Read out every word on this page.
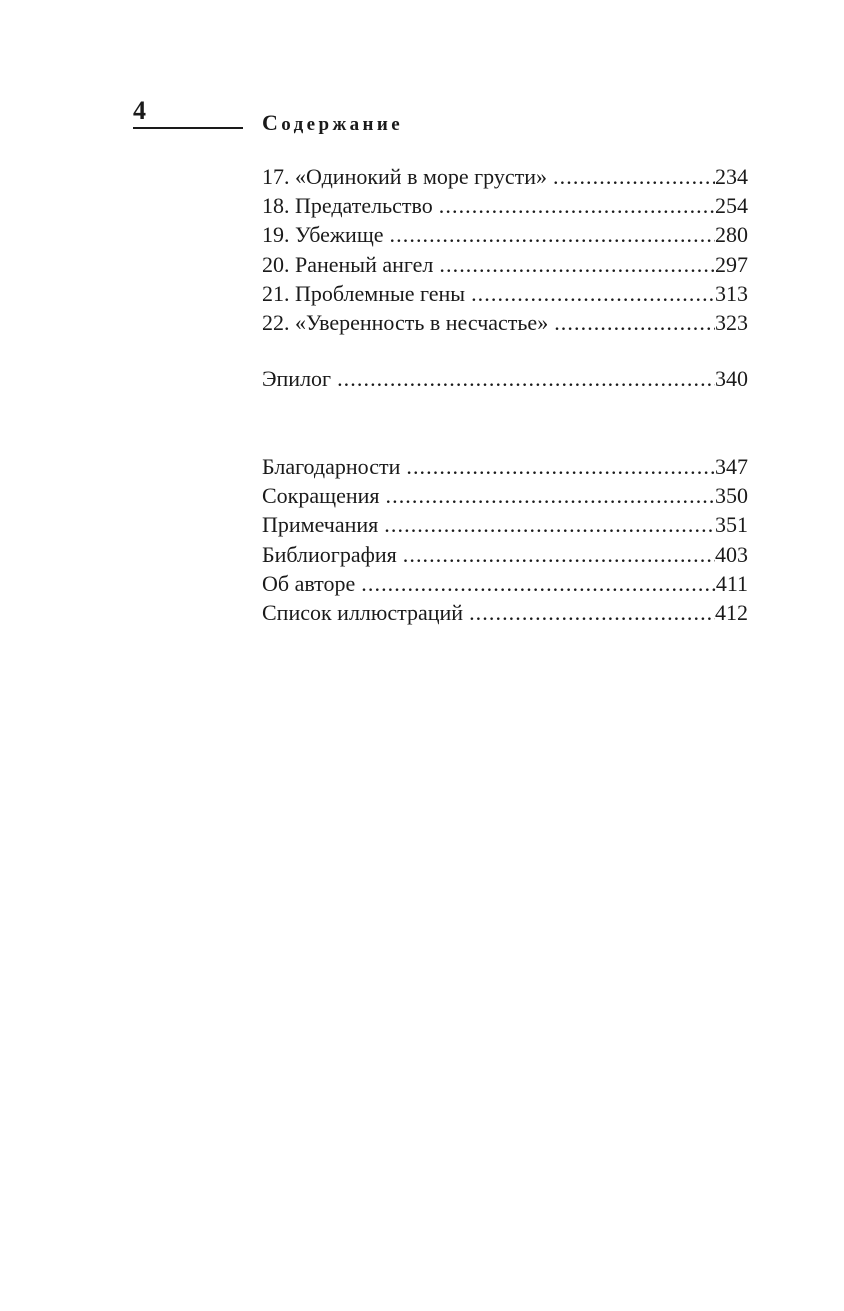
4	Содержание
17. «Одинокий в море грусти» . . .	234
18. Предательство . . .	254
19. Убежище . . .	280
20. Раненый ангел . . .	297
21. Проблемные гены . . .	313
22. «Уверенность в несчастье» . . .	323
Эпилог . . .	340
Благодарности . . .	347
Сокращения . . .	350
Примечания . . .	351
Библиография . . .	403
Об авторе . . .	411
Список иллюстраций . . .	412
